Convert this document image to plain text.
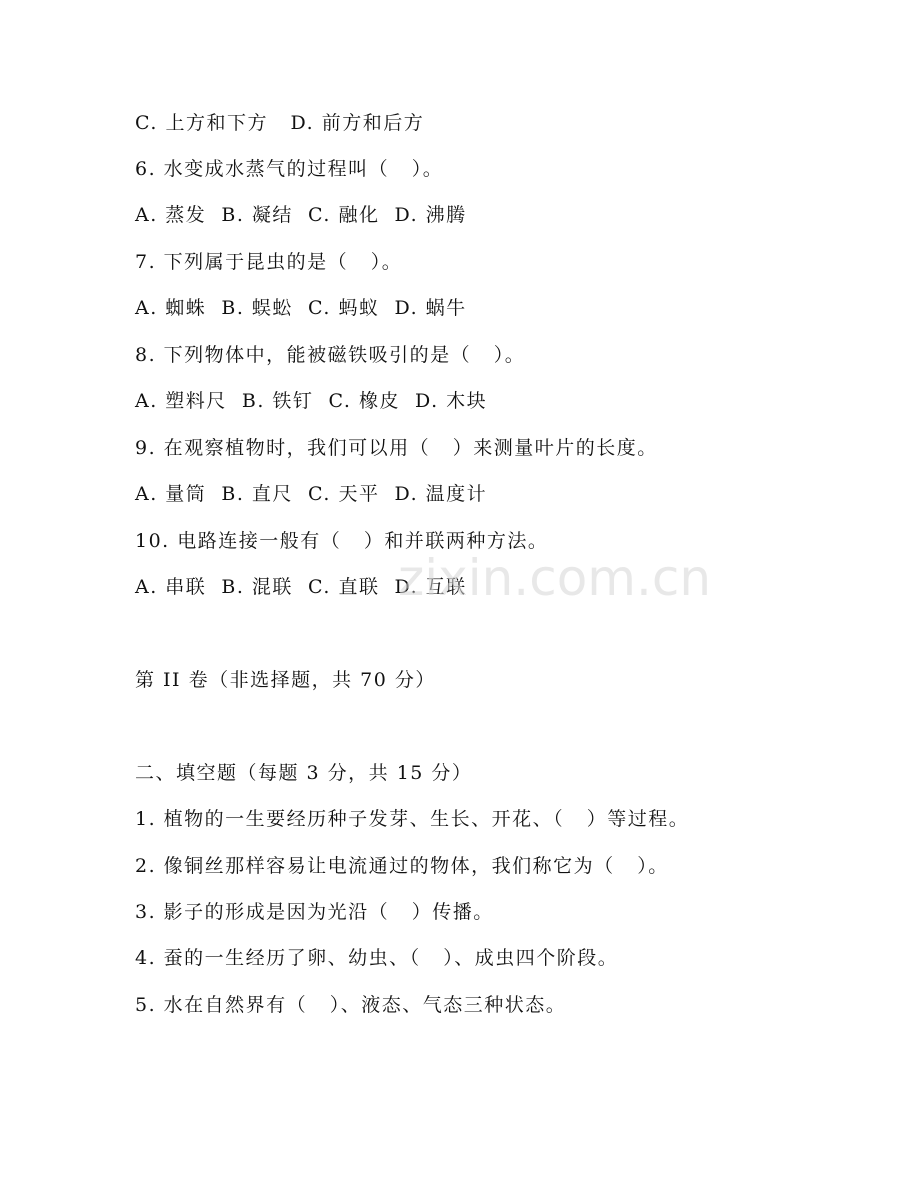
C. 上方和下方   D. 前方和后方
6. 水变成水蒸气的过程叫（   ）。
A. 蒸发  B. 凝结  C. 融化  D. 沸腾
7. 下列属于昆虫的是（   ）。
A. 蜘蛛  B. 蜈蚣  C. 蚂蚁  D. 蜗牛
8. 下列物体中，能被磁铁吸引的是（   ）。
A. 塑料尺  B. 铁钉  C. 橡皮  D. 木块
9. 在观察植物时，我们可以用（   ）来测量叶片的长度。
A. 量筒  B. 直尺  C. 天平  D. 温度计
10. 电路连接一般有（   ）和并联两种方法。
A. 串联  B. 混联  C. 直联  D. 互联
第 II 卷（非选择题，共 70 分）
二、填空题（每题 3 分，共 15 分）
1. 植物的一生要经历种子发芽、生长、开花、（   ）等过程。
2. 像铜丝那样容易让电流通过的物体，我们称它为（   ）。
3. 影子的形成是因为光沿（   ）传播。
4. 蚕的一生经历了卵、幼虫、（   ）、成虫四个阶段。
5. 水在自然界有（   ）、液态、气态三种状态。
zixin.com.cn
